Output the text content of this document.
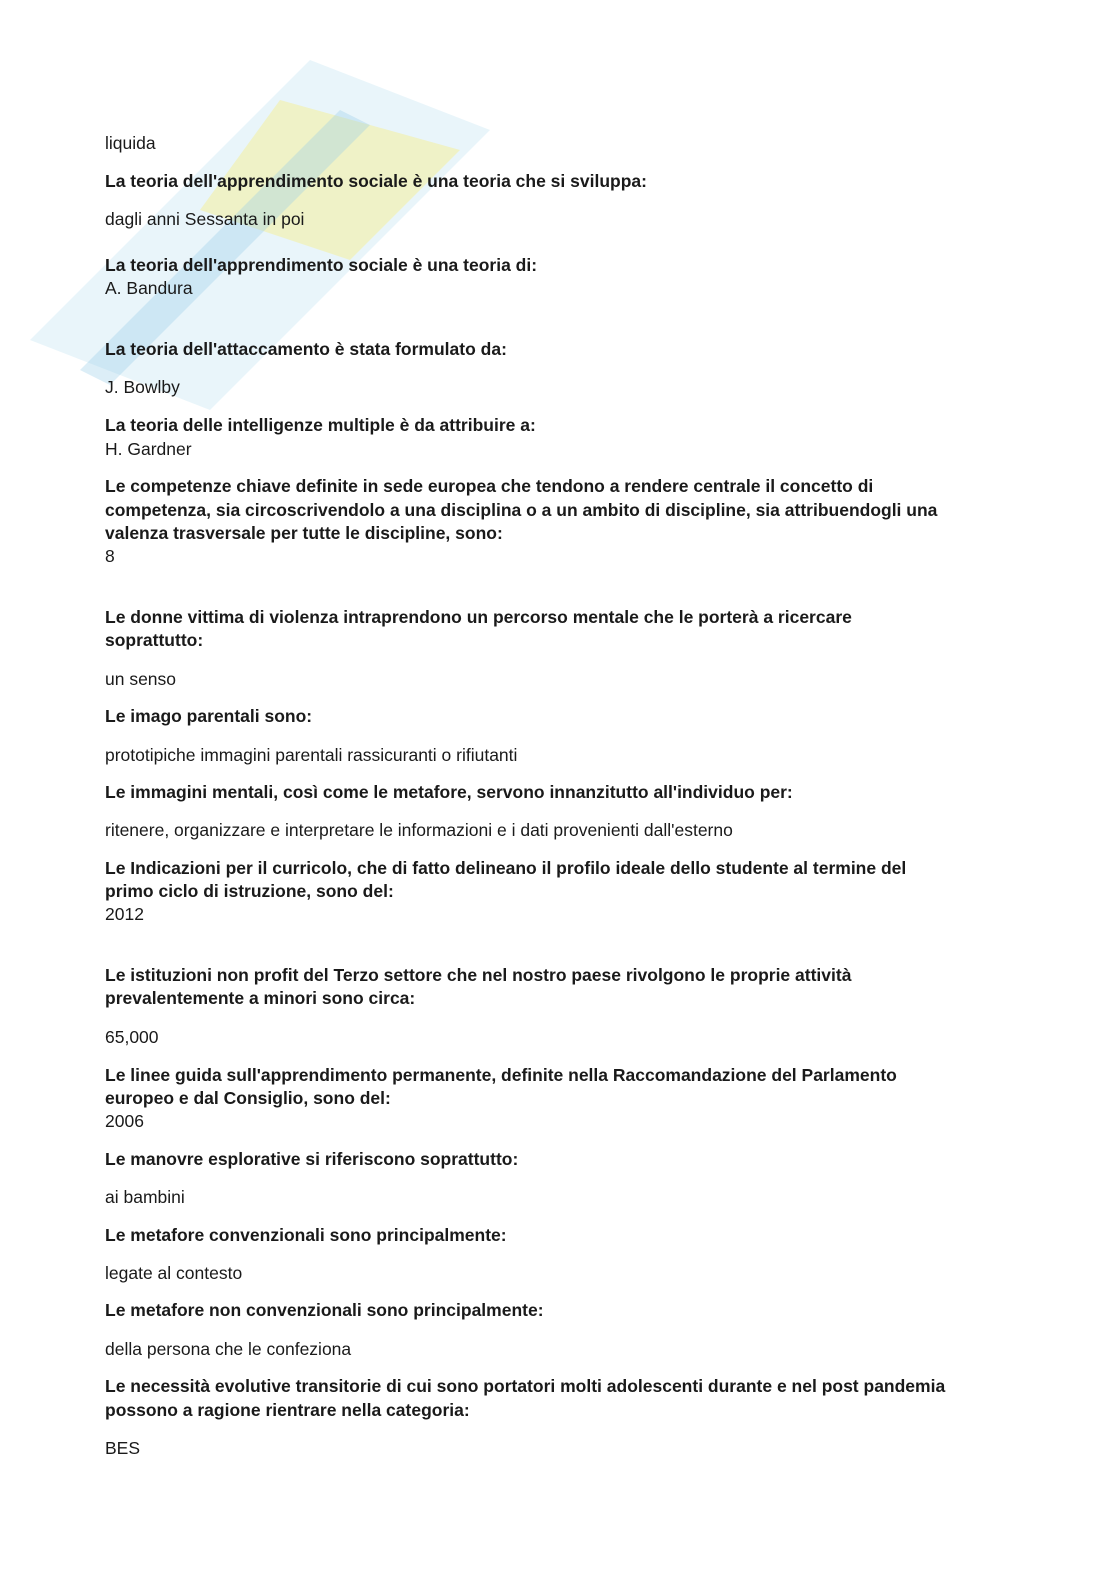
liquida
La teoria dell'apprendimento sociale è una teoria che si sviluppa:
dagli anni Sessanta in poi
La teoria dell'apprendimento sociale è una teoria di:
A. Bandura
La teoria dell'attaccamento è stata formulato da:
J. Bowlby
La teoria delle intelligenze multiple è da attribuire a:
H. Gardner
Le competenze chiave definite in sede europea che tendono a rendere centrale il concetto di
competenza, sia circoscrivendolo a una disciplina o a un ambito di discipline, sia attribuendogli una
valenza trasversale per tutte le discipline, sono:
8
Le donne vittima di violenza intraprendono un percorso mentale che le porterà a ricercare
soprattutto:
un senso
Le imago parentali sono:
prototipiche immagini parentali rassicuranti o rifiutanti
Le immagini mentali, così come le metafore, servono innanzitutto all'individuo per:
ritenere, organizzare e interpretare le informazioni e i dati provenienti dall'esterno
Le Indicazioni per il curricolo, che di fatto delineano il profilo ideale dello studente al termine del
primo ciclo di istruzione, sono del:
2012
Le istituzioni non profit del Terzo settore che nel nostro paese rivolgono le proprie attività
prevalentemente a minori sono circa:
65,000
Le linee guida sull'apprendimento permanente, definite nella Raccomandazione del Parlamento
europeo e dal Consiglio, sono del:
2006
Le manovre esplorative si riferiscono soprattutto:
ai bambini
Le metafore convenzionali sono principalmente:
legate al contesto
Le metafore non convenzionali sono principalmente:
della persona che le confeziona
Le necessità evolutive transitorie di cui sono portatori molti adolescenti durante e nel post pandemia
possono a ragione rientrare nella categoria:
BES
